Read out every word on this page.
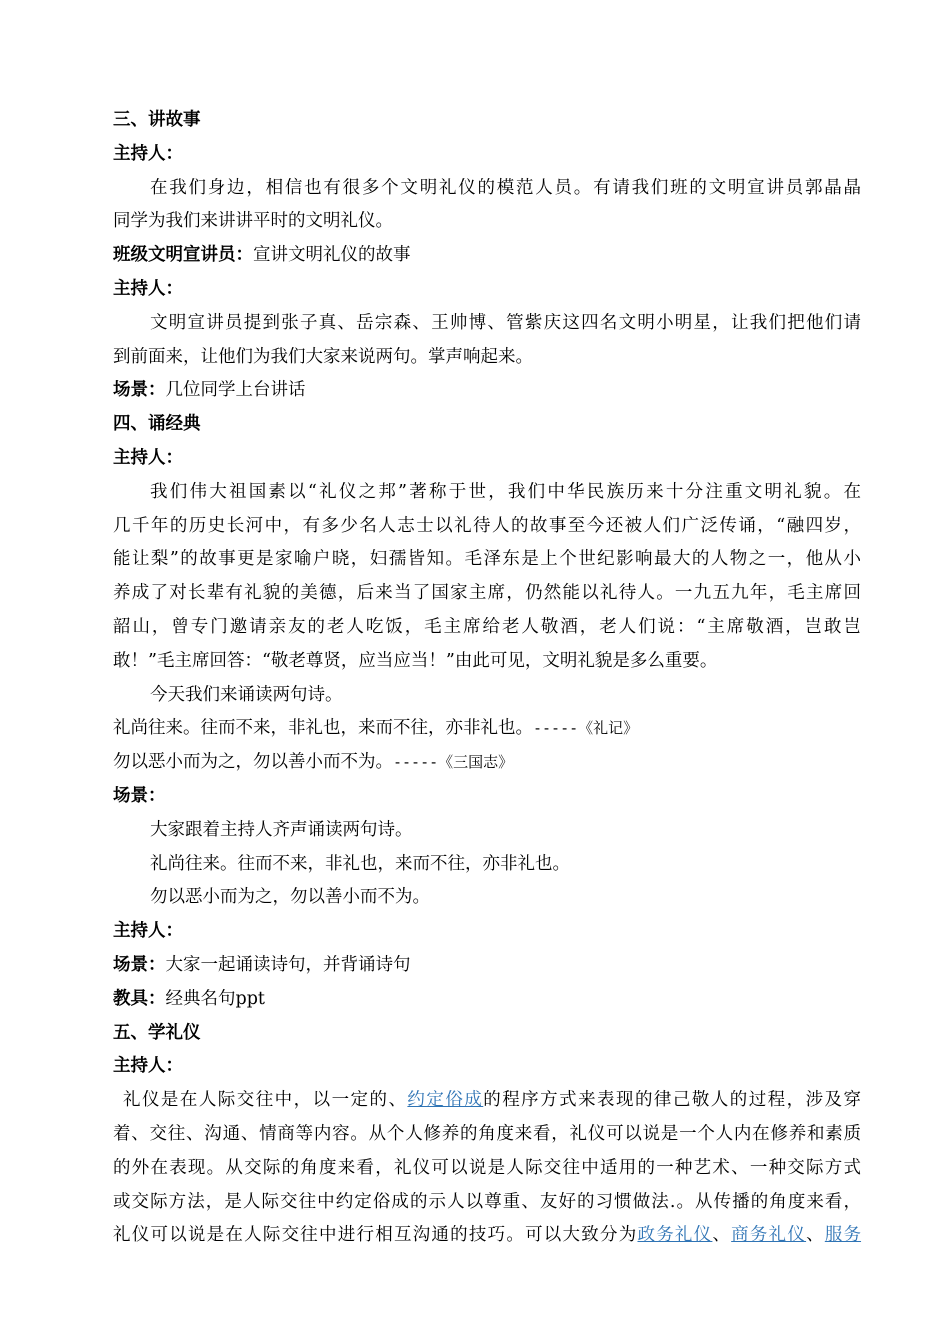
三、讲故事
主持人：
在我们身边，相信也有很多个文明礼仪的模范人员。有请我们班的文明宣讲员郭晶晶
同学为我们来讲讲平时的文明礼仪。
班级文明宣讲员：宣讲文明礼仪的故事
主持人：
文明宣讲员提到张子真、岳宗森、王帅博、管紫庆这四名文明小明星，让我们把他们请
到前面来，让他们为我们大家来说两句。掌声响起来。
场景：几位同学上台讲话
四、诵经典
主持人：
我们伟大祖国素以“礼仪之邦”著称于世，我们中华民族历来十分注重文明礼貌。在
几千年的历史长河中，有多少名人志士以礼待人的故事至今还被人们广泛传诵，“融四岁，
能让梨”的故事更是家喻户晓，妇孺皆知。毛泽东是上个世纪影响最大的人物之一，他从小
养成了对长辈有礼貌的美德，后来当了国家主席，仍然能以礼待人。一九五九年，毛主席回
韶山，曾专门邀请亲友的老人吃饭，毛主席给老人敬酒，老人们说：“主席敬酒，岂敢岂
敢！”毛主席回答：“敬老尊贤，应当应当！”由此可见，文明礼貌是多么重要。
今天我们来诵读两句诗。
礼尚往来。往而不来，非礼也，来而不往，亦非礼也。-----《礼记》
勿以恶小而为之，勿以善小而不为。-----《三国志》
场景：
大家跟着主持人齐声诵读两句诗。
礼尚往来。往而不来，非礼也，来而不往，亦非礼也。
勿以恶小而为之，勿以善小而不为。
主持人：
场景：大家一起诵读诗句，并背诵诗句
教具：经典名句ppt
五、学礼仪
主持人：
礼仪是在人际交往中，以一定的、约定俗成的程序方式来表现的律己敬人的过程，涉及穿
着、交往、沟通、情商等内容。从个人修养的角度来看，礼仪可以说是一个人内在修养和素质
的外在表现。从交际的角度来看，礼仪可以说是人际交往中适用的一种艺术、一种交际方式
或交际方法，是人际交往中约定俗成的示人以尊重、友好的习惯做法.。从传播的角度来看，
礼仪可以说是在人际交往中进行相互沟通的技巧。可以大致分为政务礼仪、商务礼仪、服务
